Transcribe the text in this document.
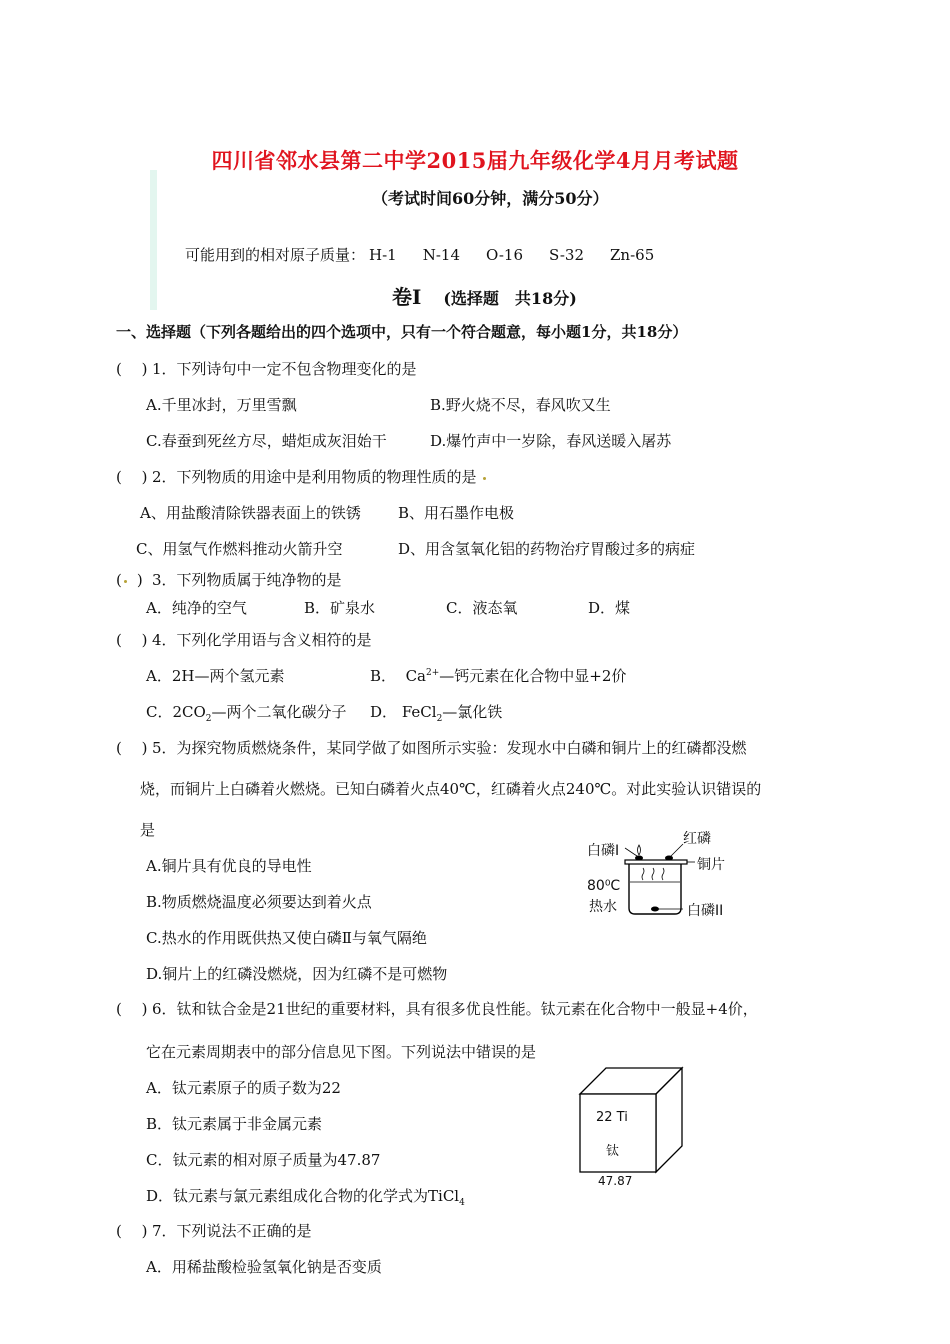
四川省邻水县第二中学2015届九年级化学4月月考试题
（考试时间60分钟，满分50分）
可能用到的相对原子质量： H-1 N-14 O-16 S-32 Zn-65
卷Ⅰ (选择题　共18分)
一、选择题（下列各题给出的四个选项中，只有一个符合题意，每小题1分，共18分）
(　 ) 1．下列诗句中一定不包含物理变化的是
A.千里冰封，万里雪飘	B.野火烧不尽，春风吹又生
C.春蚕到死丝方尽，蜡炬成灰泪始干	D.爆竹声中一岁除，春风送暖入屠苏
(　 ) 2．下列物质的用途中是利用物质的物理性质的是
A、用盐酸清除铁器表面上的铁锈 B、用石墨作电极
C、用氢气作燃料推动火箭升空	D、用含氢氧化铝的药物治疗胃酸过多的病症
( ) 3．下列物质属于纯净物的是
A．纯净的空气	B．矿泉水	C．液态氧	D．煤
(　 ) 4．下列化学用语与含义相符的是
A．2H—两个氢元素	B． $Ca^{2+}—$钙元素在化合物中显+2价
C．$2CO_2—$两个二氧化碳分子 D． FeCl$_2$—氯化铁
(　 ) 5．为探究物质燃烧条件，某同学做了如图所示实验：发现水中白磷和铜片上的红磷都没燃
烧，而铜片上白磷着火燃烧。已知白磷着火点40℃，红磷着火点240℃。对此实验认识错误的
是
A.铜片具有优良的导电性
B.物质燃烧温度必须要达到着火点
C.热水的作用既供热又使白磷Ⅱ与氧气隔绝
D.铜片上的红磷没燃烧，因为红磷不是可燃物
白磷I
红磷
铜片
80⁰C
热水	白磷II
(　 ) 6．钛和钛合金是21世纪的重要材料，具有很多优良性能。钛元素在化合物中一般显+4价，
它在元素周期表中的部分信息见下图。下列说法中错误的是
A．钛元素原子的质子数为22
B．钛元素属于非金属元素
C．钛元素的相对原子质量为47.87
D．钛元素与氯元素组成化合物的化学式为TiCl$_4$
22 Ti
钛
47.87
(　 ) 7．下列说法不正确的是
A．用稀盐酸检验氢氧化钠是否变质
